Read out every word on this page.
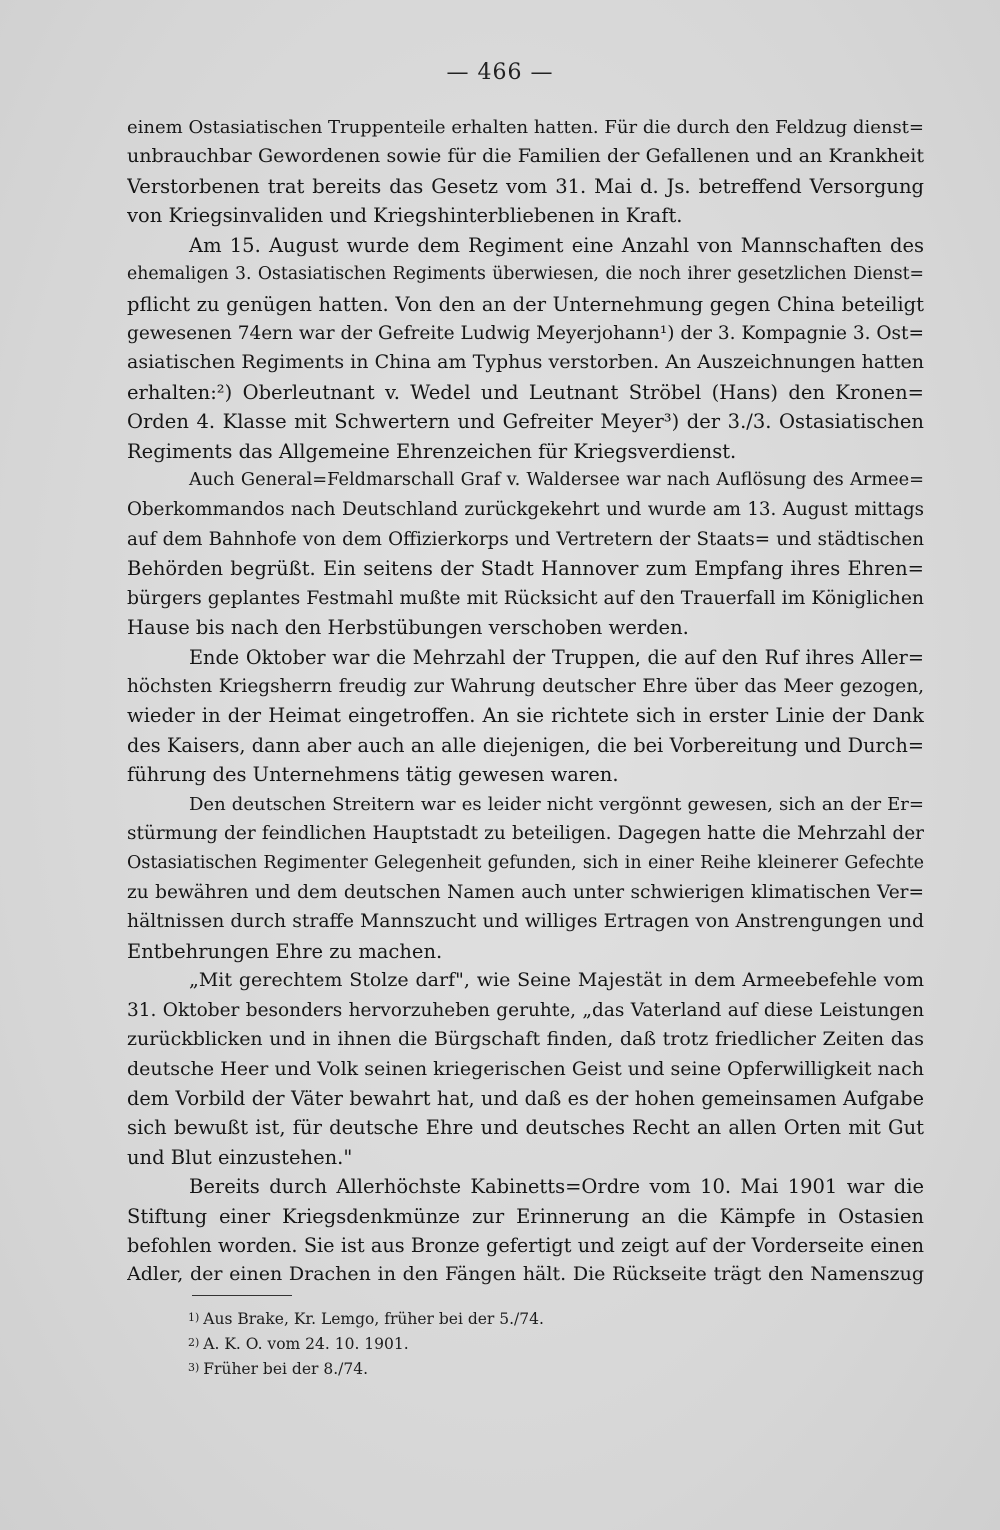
— 466 —
einem Ostasiatischen Truppenteile erhalten hatten. Für die durch den Feldzug dienst=
unbrauchbar Gewordenen sowie für die Familien der Gefallenen und an Krankheit
Verstorbenen trat bereits das Gesetz vom 31. Mai d. Js. betreffend Versorgung
von Kriegsinvaliden und Kriegshinterbliebenen in Kraft.
Am 15. August wurde dem Regiment eine Anzahl von Mannschaften des
ehemaligen 3. Ostasiatischen Regiments überwiesen, die noch ihrer gesetzlichen Dienst=
pflicht zu genügen hatten. Von den an der Unternehmung gegen China beteiligt
gewesenen 74ern war der Gefreite Ludwig Meyerjohann¹) der 3. Kompagnie 3. Ost=
asiatischen Regiments in China am Typhus verstorben. An Auszeichnungen hatten
erhalten:²) Oberleutnant v. Wedel und Leutnant Ströbel (Hans) den Kronen=
Orden 4. Klasse mit Schwertern und Gefreiter Meyer³) der 3./3. Ostasiatischen
Regiments das Allgemeine Ehrenzeichen für Kriegsverdienst.
Auch General=Feldmarschall Graf v. Waldersee war nach Auflösung des Armee=
Oberkommandos nach Deutschland zurückgekehrt und wurde am 13. August mittags
auf dem Bahnhofe von dem Offizierkorps und Vertretern der Staats= und städtischen
Behörden begrüßt. Ein seitens der Stadt Hannover zum Empfang ihres Ehren=
bürgers geplantes Festmahl mußte mit Rücksicht auf den Trauerfall im Königlichen
Hause bis nach den Herbstübungen verschoben werden.
Ende Oktober war die Mehrzahl der Truppen, die auf den Ruf ihres Aller=
höchsten Kriegsherrn freudig zur Wahrung deutscher Ehre über das Meer gezogen,
wieder in der Heimat eingetroffen. An sie richtete sich in erster Linie der Dank
des Kaisers, dann aber auch an alle diejenigen, die bei Vorbereitung und Durch=
führung des Unternehmens tätig gewesen waren.
Den deutschen Streitern war es leider nicht vergönnt gewesen, sich an der Er=
stürmung der feindlichen Hauptstadt zu beteiligen. Dagegen hatte die Mehrzahl der
Ostasiatischen Regimenter Gelegenheit gefunden, sich in einer Reihe kleinerer Gefechte
zu bewähren und dem deutschen Namen auch unter schwierigen klimatischen Ver=
hältnissen durch straffe Mannszucht und williges Ertragen von Anstrengungen und
Entbehrungen Ehre zu machen.
„Mit gerechtem Stolze darf", wie Seine Majestät in dem Armeebefehle vom
31. Oktober besonders hervorzuheben geruhte, „das Vaterland auf diese Leistungen
zurückblicken und in ihnen die Bürgschaft finden, daß trotz friedlicher Zeiten das
deutsche Heer und Volk seinen kriegerischen Geist und seine Opferwilligkeit nach
dem Vorbild der Väter bewahrt hat, und daß es der hohen gemeinsamen Aufgabe
sich bewußt ist, für deutsche Ehre und deutsches Recht an allen Orten mit Gut
und Blut einzustehen."
Bereits durch Allerhöchste Kabinetts=Ordre vom 10. Mai 1901 war die
Stiftung einer Kriegsdenkmünze zur Erinnerung an die Kämpfe in Ostasien
befohlen worden. Sie ist aus Bronze gefertigt und zeigt auf der Vorderseite einen
Adler, der einen Drachen in den Fängen hält. Die Rückseite trägt den Namenszug
1) Aus Brake, Kr. Lemgo, früher bei der 5./74.
2) A. K. O. vom 24. 10. 1901.
3) Früher bei der 8./74.
